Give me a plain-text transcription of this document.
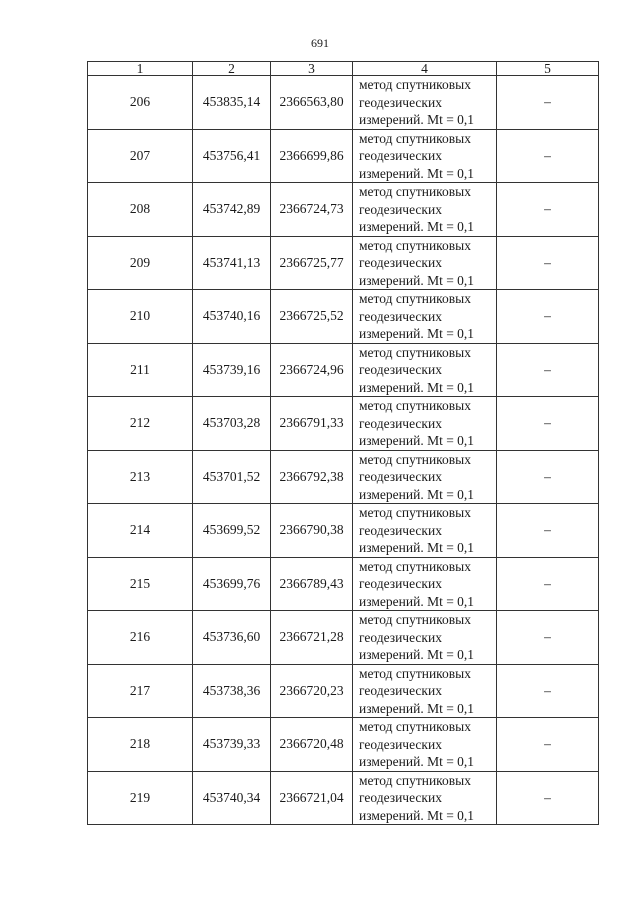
691
1	2	3	4	5
206	453835,14	2366563,80	метод спутниковых
геодезических
измерений. Mt = 0,1	–
207	453756,41	2366699,86	метод спутниковых
геодезических
измерений. Mt = 0,1	–
208	453742,89	2366724,73	метод спутниковых
геодезических
измерений. Mt = 0,1	–
209	453741,13	2366725,77	метод спутниковых
геодезических
измерений. Mt = 0,1	–
210	453740,16	2366725,52	метод спутниковых
геодезических
измерений. Mt = 0,1	–
211	453739,16	2366724,96	метод спутниковых
геодезических
измерений. Mt = 0,1	–
212	453703,28	2366791,33	метод спутниковых
геодезических
измерений. Mt = 0,1	–
213	453701,52	2366792,38	метод спутниковых
геодезических
измерений. Mt = 0,1	–
214	453699,52	2366790,38	метод спутниковых
геодезических
измерений. Mt = 0,1	–
215	453699,76	2366789,43	метод спутниковых
геодезических
измерений. Mt = 0,1	–
216	453736,60	2366721,28	метод спутниковых
геодезических
измерений. Mt = 0,1	–
217	453738,36	2366720,23	метод спутниковых
геодезических
измерений. Mt = 0,1	–
218	453739,33	2366720,48	метод спутниковых
геодезических
измерений. Mt = 0,1	–
219	453740,34	2366721,04	метод спутниковых
геодезических
измерений. Mt = 0,1	–
